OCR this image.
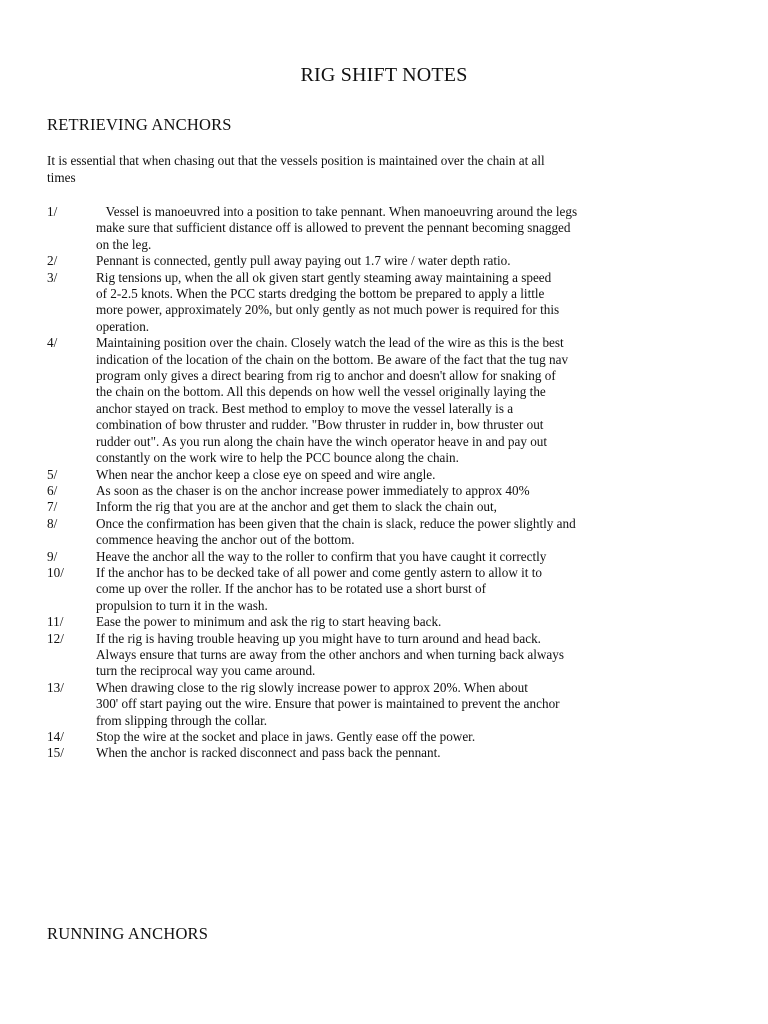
RIG SHIFT NOTES
RETRIEVING ANCHORS
It is essential that when chasing out that the vessels position is maintained over the chain at all
times
1/	Vessel is manoeuvred into a position to take pennant. When manoeuvring around the legs
make sure that sufficient distance off is allowed to prevent the pennant becoming snagged
on the leg.
2/	Pennant is connected, gently pull away paying out 1.7 wire / water depth ratio.
3/	Rig tensions up, when the all ok given start gently steaming away maintaining a speed
of 2-2.5 knots. When the PCC starts dredging the bottom be prepared to apply a little
more power, approximately 20%, but only gently as not much power is required for this
operation.
4/	Maintaining position over the chain. Closely watch the lead of the wire as this is the best
indication of the location of the chain on the bottom. Be aware of the fact that the tug nav
program only gives a direct bearing from rig to anchor and doesn't allow for snaking of
the chain on the bottom. All this depends on how well the vessel originally laying the
anchor stayed on track. Best method to employ to move the vessel laterally is a
combination of bow thruster and rudder. "Bow thruster in rudder in, bow thruster out
rudder out". As you run along the chain have the winch operator heave in and pay out
constantly on the work wire to help the PCC bounce along the chain.
5/	When near the anchor keep a close eye on speed and wire angle.
6/	As soon as the chaser is on the anchor increase power immediately to approx 40%
7/	Inform the rig that you are at the anchor and get them to slack the chain out,
8/	Once the confirmation has been given that the chain is slack, reduce the power slightly and
commence heaving the anchor out of the bottom.
9/	Heave the anchor all the way to the roller to confirm that you have caught it correctly
10/	If the anchor has to be decked take of all power and come gently astern to allow it to
come up over the roller. If the anchor has to be rotated use a short burst of
propulsion to turn it in the wash.
11/	Ease the power to minimum and ask the rig to start heaving back.
12/	If the rig is having trouble heaving up you might have to turn around and head back.
Always ensure that turns are away from the other anchors and when turning back always
turn the reciprocal way you came around.
13/	When drawing close to the rig slowly increase power to approx 20%. When about
300' off start paying out the wire. Ensure that power is maintained to prevent the anchor
from slipping through the collar.
14/	Stop the wire at the socket and place in jaws. Gently ease off the power.
15/	When the anchor is racked disconnect and pass back the pennant.
RUNNING ANCHORS
